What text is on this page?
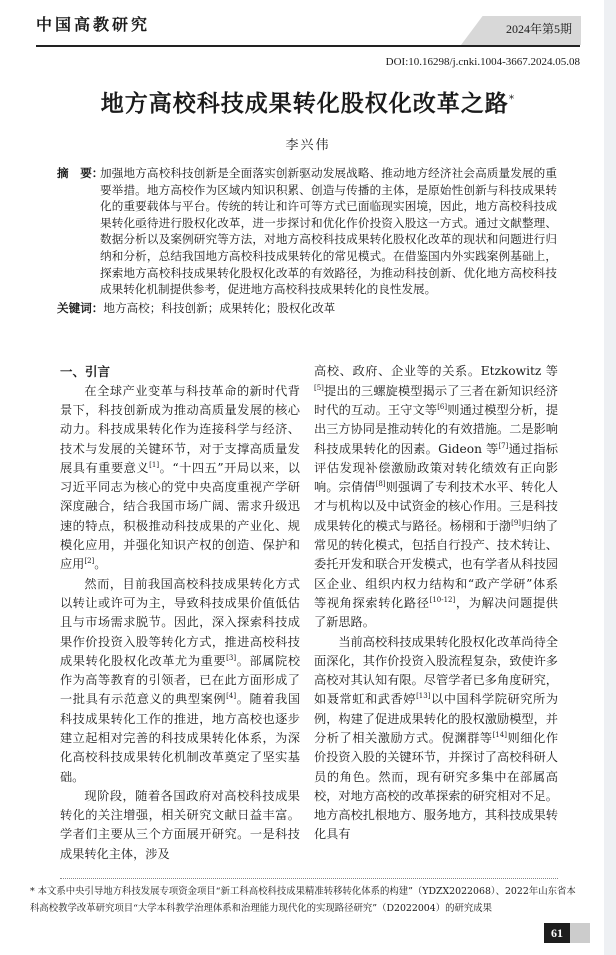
中国高教研究	2024年第5期
DOI:10.16298/j.cnki.1004-3667.2024.05.08
地方高校科技成果转化股权化改革之路*
李兴伟
摘　要：
加强地方高校科技创新是全面落实创新驱动发展战略、推动地方经济社会高质量发展的重要举措。地方高校作为区域内知识积累、创造与传播的主体，是原始性创新与科技成果转化的重要载体与平台。传统的转让和许可等方式已面临现实困境，因此，地方高校科技成果转化亟待进行股权化改革，进一步探讨和优化作价投资入股这一方式。通过文献整理、数据分析以及案例研究等方法，对地方高校科技成果转化股权化改革的现状和问题进行归纳和分析，总结我国地方高校科技成果转化的常见模式。在借鉴国内外实践案例基础上，探索地方高校科技成果转化股权化改革的有效路径，为推动科技创新、优化地方高校科技成果转化机制提供参考，促进地方高校科技成果转化的良性发展。
关键词：地方高校；科技创新；成果转化；股权化改革
一、引言

在全球产业变革与科技革命的新时代背景下，科技创新成为推动高质量发展的核心动力。科技成果转化作为连接科学与经济、技术与发展的关键环节，对于支撑高质量发展具有重要意义[1]。“十四五”开局以来，以习近平同志为核心的党中央高度重视产学研深度融合，结合我国市场广阔、需求升级迅速的特点，积极推动科技成果的产业化、规模化应用，并强化知识产权的创造、保护和应用[2]。

然而，目前我国高校科技成果转化方式以转让或许可为主，导致科技成果价值低估且与市场需求脱节。因此，深入探索科技成果作价投资入股等转化方式，推进高校科技成果转化股权化改革尤为重要[3]。部属院校作为高等教育的引领者，已在此方面形成了一批具有示范意义的典型案例[4]。随着我国科技成果转化工作的推进，地方高校也逐步建立起相对完善的科技成果转化体系，为深化高校科技成果转化机制改革奠定了坚实基础。

现阶段，随着各国政府对高校科技成果转化的关注增强，相关研究文献日益丰富。学者们主要从三个方面展开研究。一是科技成果转化主体，涉及

高校、政府、企业等的关系。Etzkowitz 等[5]提出的三螺旋模型揭示了三者在新知识经济时代的互动。王守文等[6]则通过模型分析，提出三方协同是推动转化的有效措施。二是影响科技成果转化的因素。Gideon 等[7]通过指标评估发现补偿激励政策对转化绩效有正向影响。宗倩倩[8]则强调了专利技术水平、转化人才与机构以及中试资金的核心作用。三是科技成果转化的模式与路径。杨栩和于渤[9]归纳了常见的转化模式，包括自行投产、技术转让、委托开发和联合开发模式，也有学者从科技园区企业、组织内权力结构和“政产学研”体系等视角探索转化路径[10-12]，为解决问题提供了新思路。

当前高校科技成果转化股权化改革尚待全面深化，其作价投资入股流程复杂，致使许多高校对其认知有限。尽管学者已多角度研究，如聂常虹和武香婷[13]以中国科学院研究所为例，构建了促进成果转化的股权激励模型，并分析了相关激励方式。倪渊群等[14]则细化作价投资入股的关键环节，并探讨了高校科研人员的角色。然而，现有研究多集中在部属高校，对地方高校的改革探索的研究相对不足。地方高校扎根地方、服务地方，其科技成果转化具有

* 本文系中央引导地方科技发展专项资金项目“新工科高校科技成果精准转移转化体系的构建”（YDZX2022068）、2022年山东省本科高校教学改革研究项目“大学本科教学治理体系和治理能力现代化的实现路径研究”（D2022004）的研究成果
61
